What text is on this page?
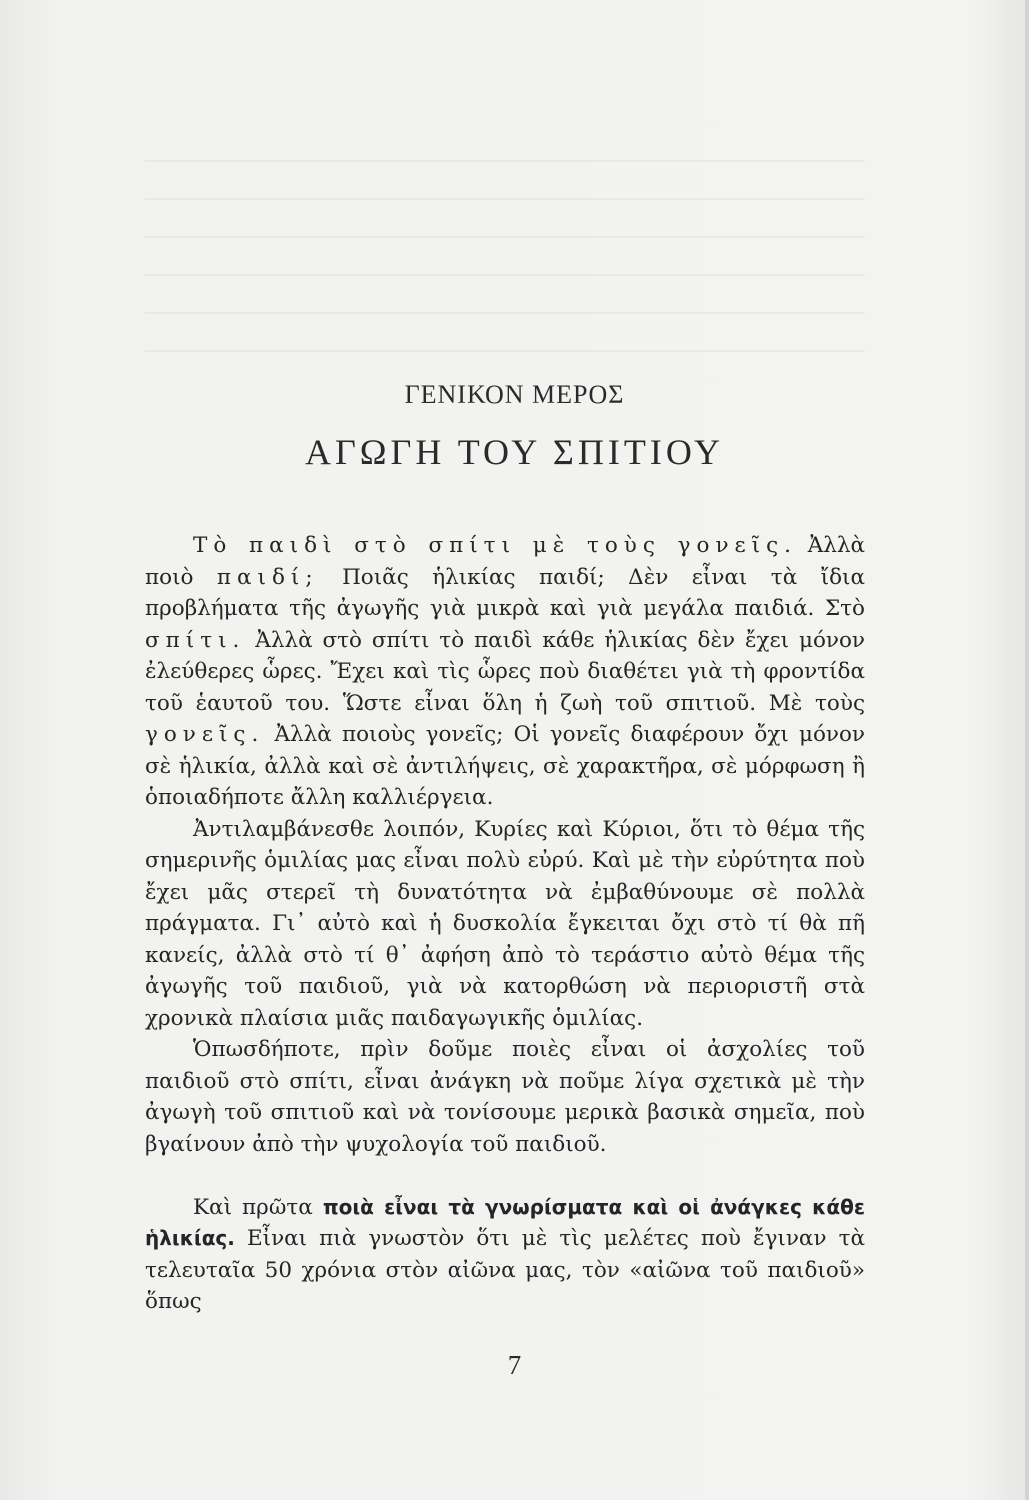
ΓΕΝΙΚΟΝ ΜΕΡΟΣ
ΑΓΩΓΗ ΤΟΥ ΣΠΙΤΙΟΥ

Τὸ παιδὶ στὸ σπίτι μὲ τοὺς γονεῖς. Ἀλλὰ ποιὸ παιδί; Ποιᾶς ἡλικίας παιδί; Δὲν εἶναι τὰ ἴδια προβλήματα τῆς ἀγωγῆς γιὰ μικρὰ καὶ γιὰ μεγάλα παιδιά. Στὸ σπίτι. Ἀλλὰ στὸ σπίτι τὸ παιδὶ κάθε ἡλικίας δὲν ἔχει μόνον ἐλεύθερες ὧρες. Ἔχει καὶ τὶς ὧρες ποὺ διαθέτει γιὰ τὴ φροντίδα τοῦ ἑαυτοῦ του. Ὥστε εἶναι ὅλη ἡ ζωὴ τοῦ σπιτιοῦ. Μὲ τοὺς γονεῖς. Ἀλλὰ ποιοὺς γονεῖς; Οἱ γονεῖς διαφέρουν ὄχι μόνον σὲ ἡλικία, ἀλλὰ καὶ σὲ ἀντιλήψεις, σὲ χαρακτῆρα, σὲ μόρφωση ἢ ὁποιαδήποτε ἄλλη καλλιέργεια.

Ἀντιλαμβάνεσθε λοιπόν, Κυρίες καὶ Κύριοι, ὅτι τὸ θέμα τῆς σημερινῆς ὁμιλίας μας εἶναι πολὺ εὐρύ. Καὶ μὲ τὴν εὐρύτητα ποὺ ἔχει μᾶς στερεῖ τὴ δυνατότητα νὰ ἐμβαθύνουμε σὲ πολλὰ πράγματα. Γι᾽ αὐτὸ καὶ ἡ δυσκολία ἔγκειται ὄχι στὸ τί θὰ πῆ κανείς, ἀλλὰ στὸ τί θ᾽ ἀφήση ἀπὸ τὸ τεράστιο αὐτὸ θέμα τῆς ἀγωγῆς τοῦ παιδιοῦ, γιὰ νὰ κατορθώση νὰ περιοριστῆ στὰ χρονικὰ πλαίσια μιᾶς παιδαγωγικῆς ὁμιλίας.

Ὁπωσδήποτε, πρὶν δοῦμε ποιὲς εἶναι οἱ ἀσχολίες τοῦ παιδιοῦ στὸ σπίτι, εἶναι ἀνάγκη νὰ ποῦμε λίγα σχετικὰ μὲ τὴν ἀγωγὴ τοῦ σπιτιοῦ καὶ νὰ τονίσουμε μερικὰ βασικὰ σημεῖα, ποὺ βγαίνουν ἀπὸ τὴν ψυχολογία τοῦ παιδιοῦ.

Καὶ πρῶτα ποιὰ εἶναι τὰ γνωρίσματα καὶ οἱ ἀνάγκες κάθε ἡλικίας. Εἶναι πιὰ γνωστὸν ὅτι μὲ τὶς μελέτες ποὺ ἔγιναν τὰ τελευταῖα 50 χρόνια στὸν αἰῶνα μας, τὸν «αἰῶνα τοῦ παιδιοῦ» ὅπως

7
